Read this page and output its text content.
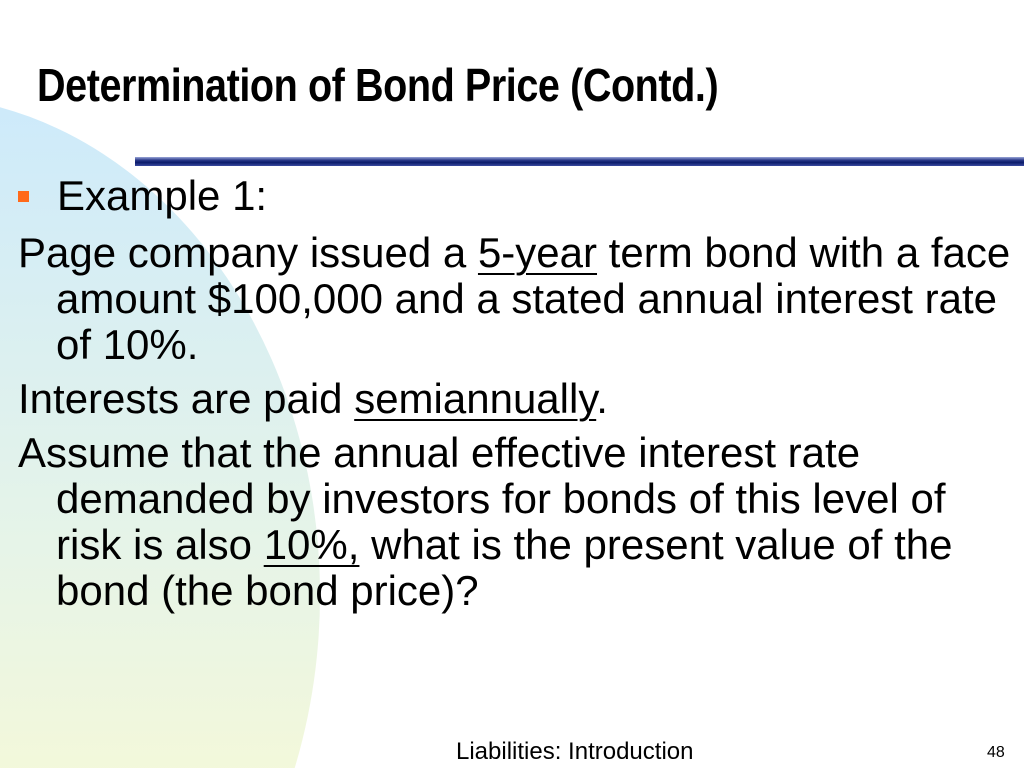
Determination of Bond Price (Contd.)
Example 1:

Page company issued a 5-year term bond with a face amount $100,000 and a stated annual interest rate of 10%.

Interests are paid semiannually.

Assume that the annual effective interest rate demanded by investors for bonds of this level of risk is also 10%, what is the present value of the bond (the bond price)?

Liabilities: Introduction	48
